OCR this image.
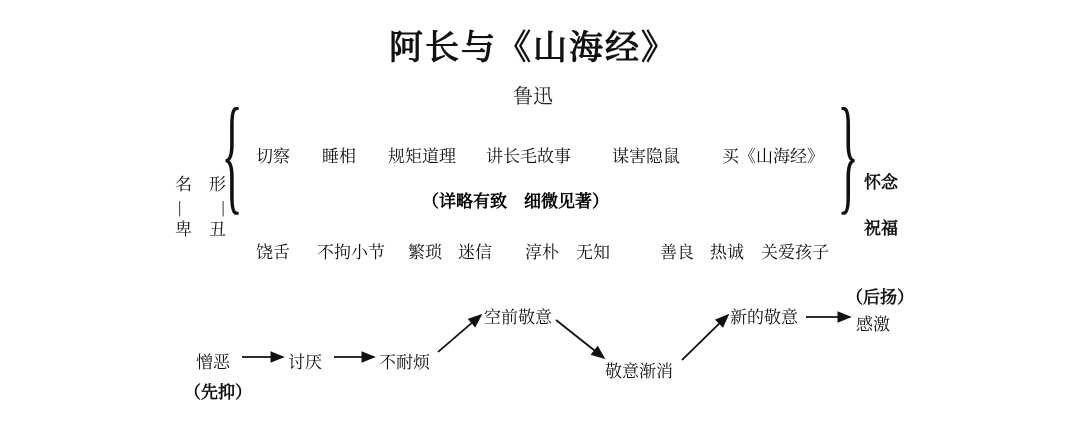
阿长与《山海经》
鲁迅
名　形
|　　|
卑　丑
{	}
切察 睡相 规矩道理 讲长毛故事 谋害隐鼠 买《山海经》
（详略有致　细微见著）
饶舌 不拘小节 繁琐 迷信 淳朴 无知	善良 热诚 关爱孩子
怀念
祝福
憎恶
（先抑）
讨厌	不耐烦
空前敬意
敬意渐消
新的敬意
（后扬）
感激
